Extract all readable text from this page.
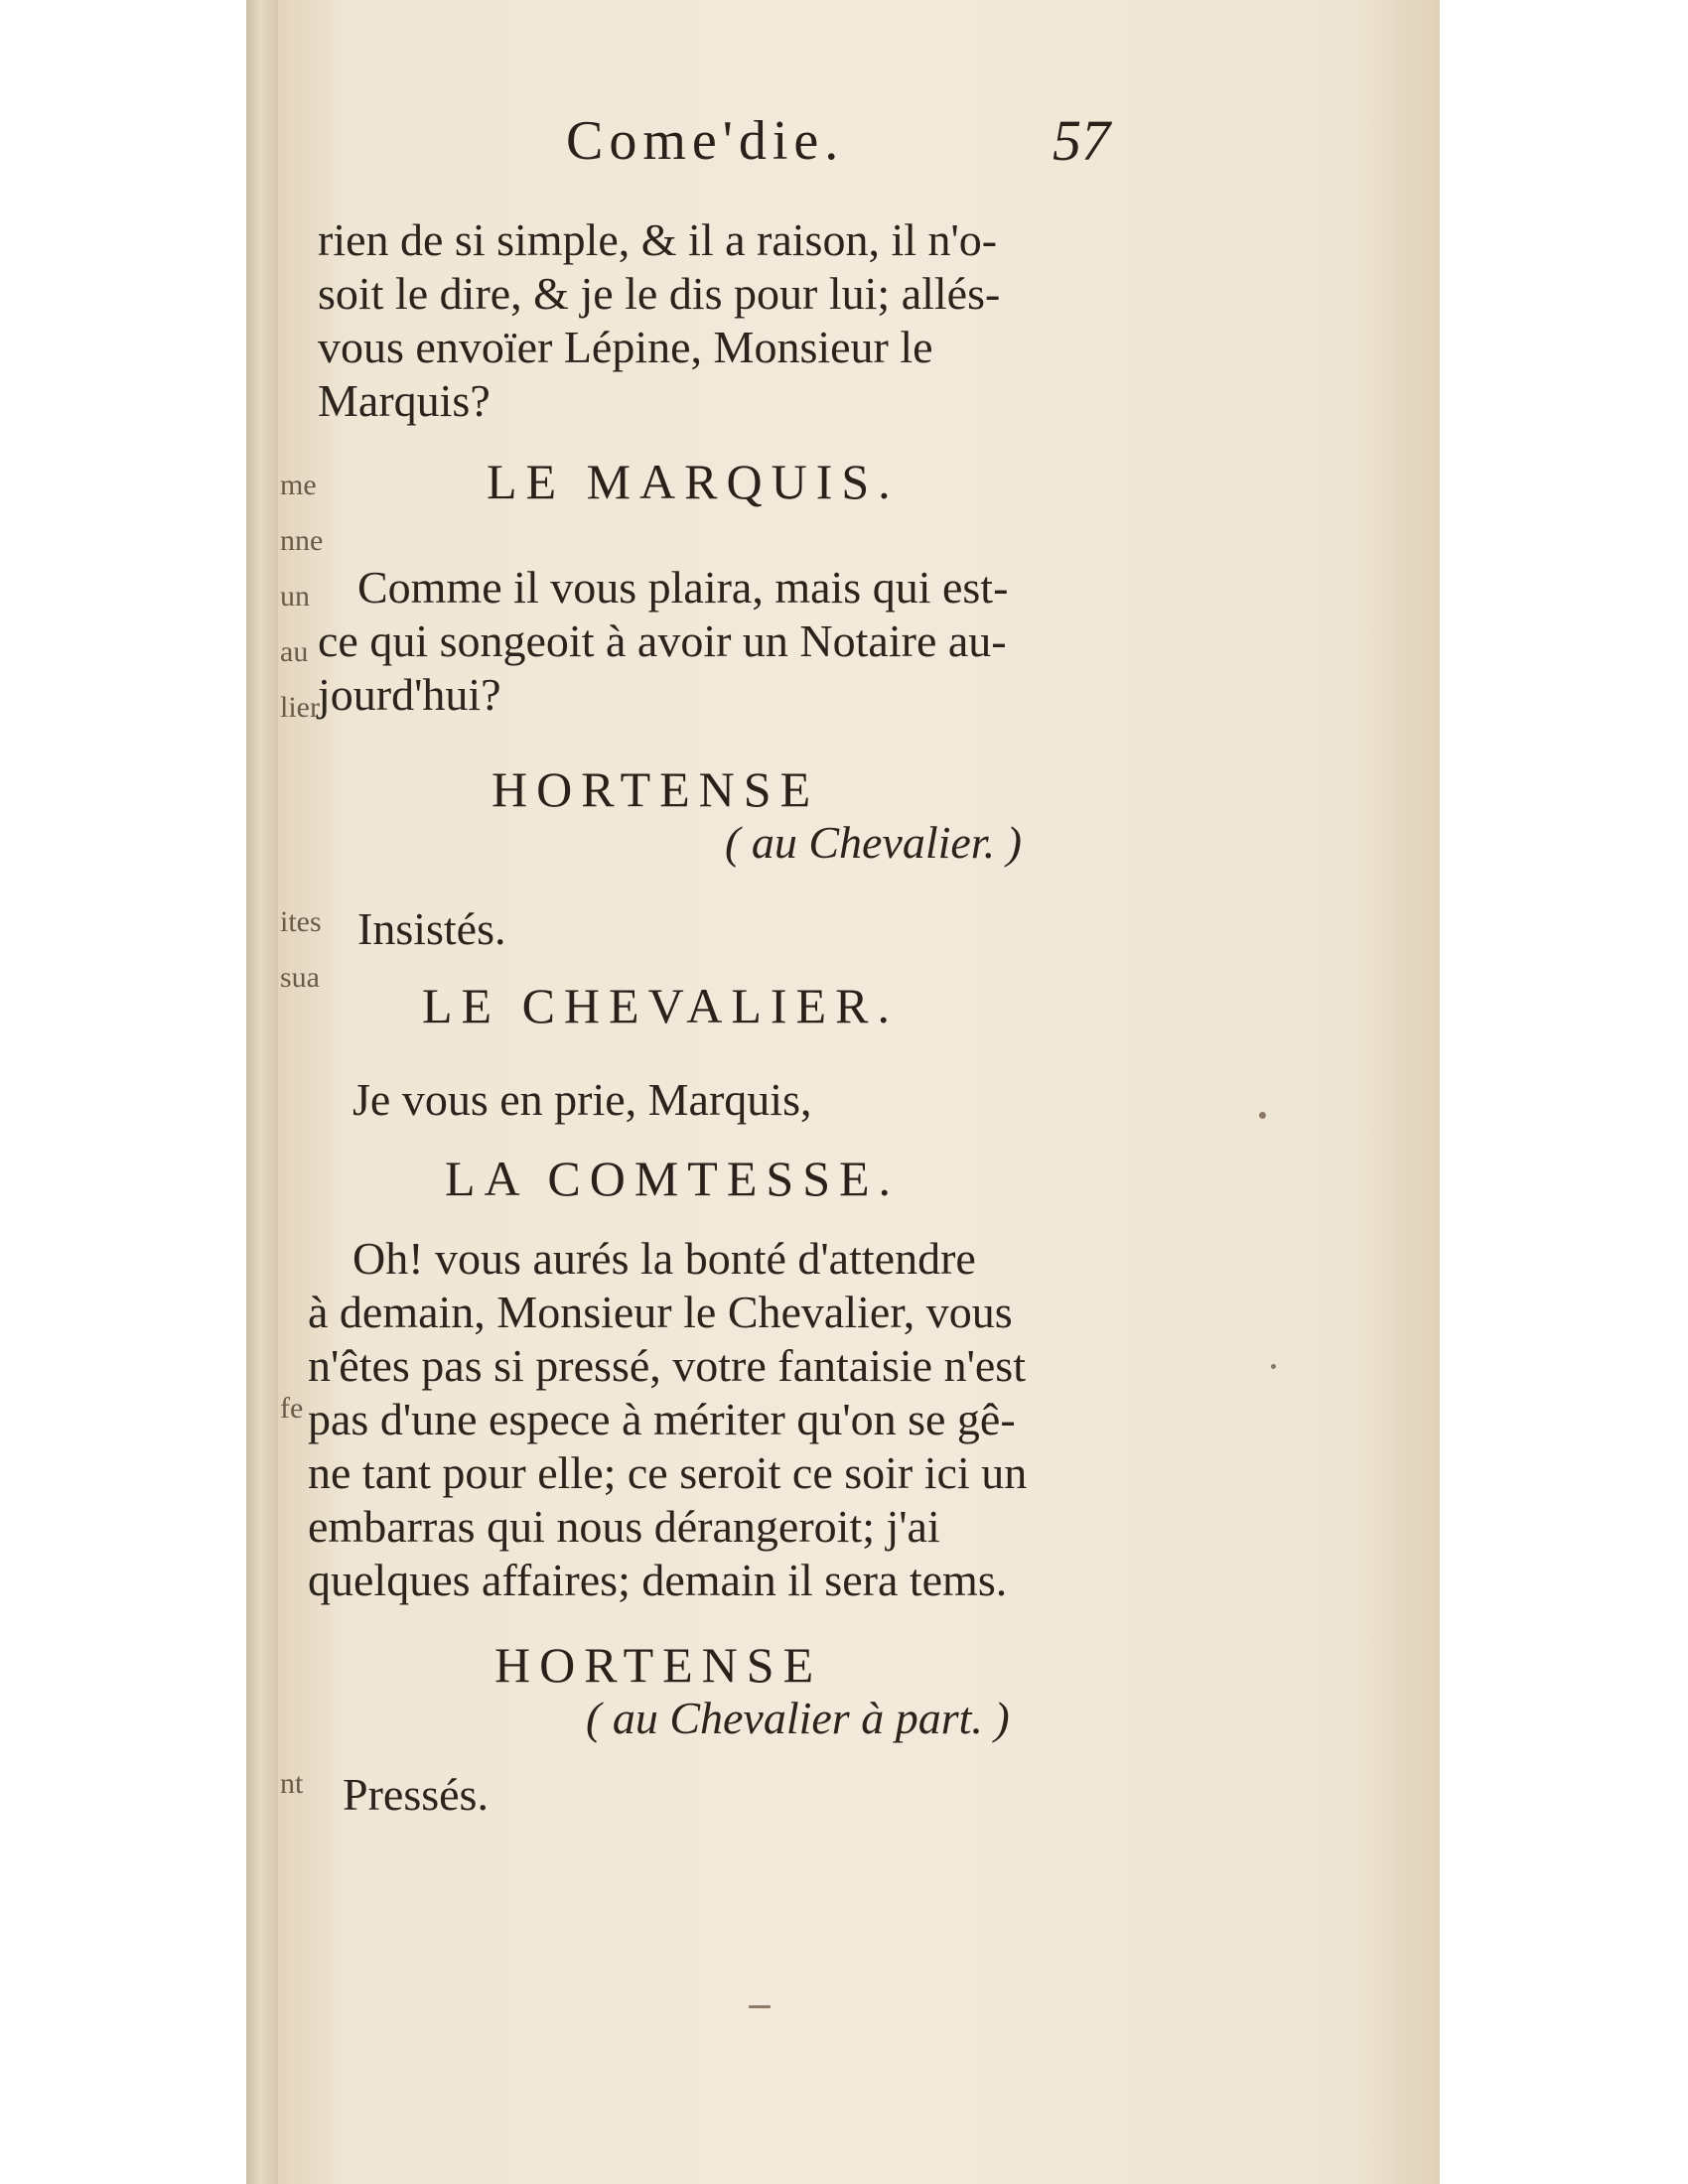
me
nne
un
au
lier
ites
sua
fe
nt
Come'die.	57
rien de si simple, & il a raison, il n'o-
soit le dire, & je le dis pour lui; allés-
vous envoïer Lépine, Monsieur le
Marquis?
LE MARQUIS.
Comme il vous plaira, mais qui est-
ce qui songeoit à avoir un Notaire au-
jourd'hui?
HORTENSE
( au Chevalier. )
Insistés.
LE CHEVALIER.
Je vous en prie, Marquis,
LA COMTESSE.
Oh! vous aurés la bonté d'attendre
à demain, Monsieur le Chevalier, vous
n'êtes pas si pressé, votre fantaisie n'est
pas d'une espece à mériter qu'on se gê-
ne tant pour elle; ce seroit ce soir ici un
embarras qui nous dérangeroit; j'ai
quelques affaires; demain il sera tems.
HORTENSE
( au Chevalier à part. )
Pressés.
